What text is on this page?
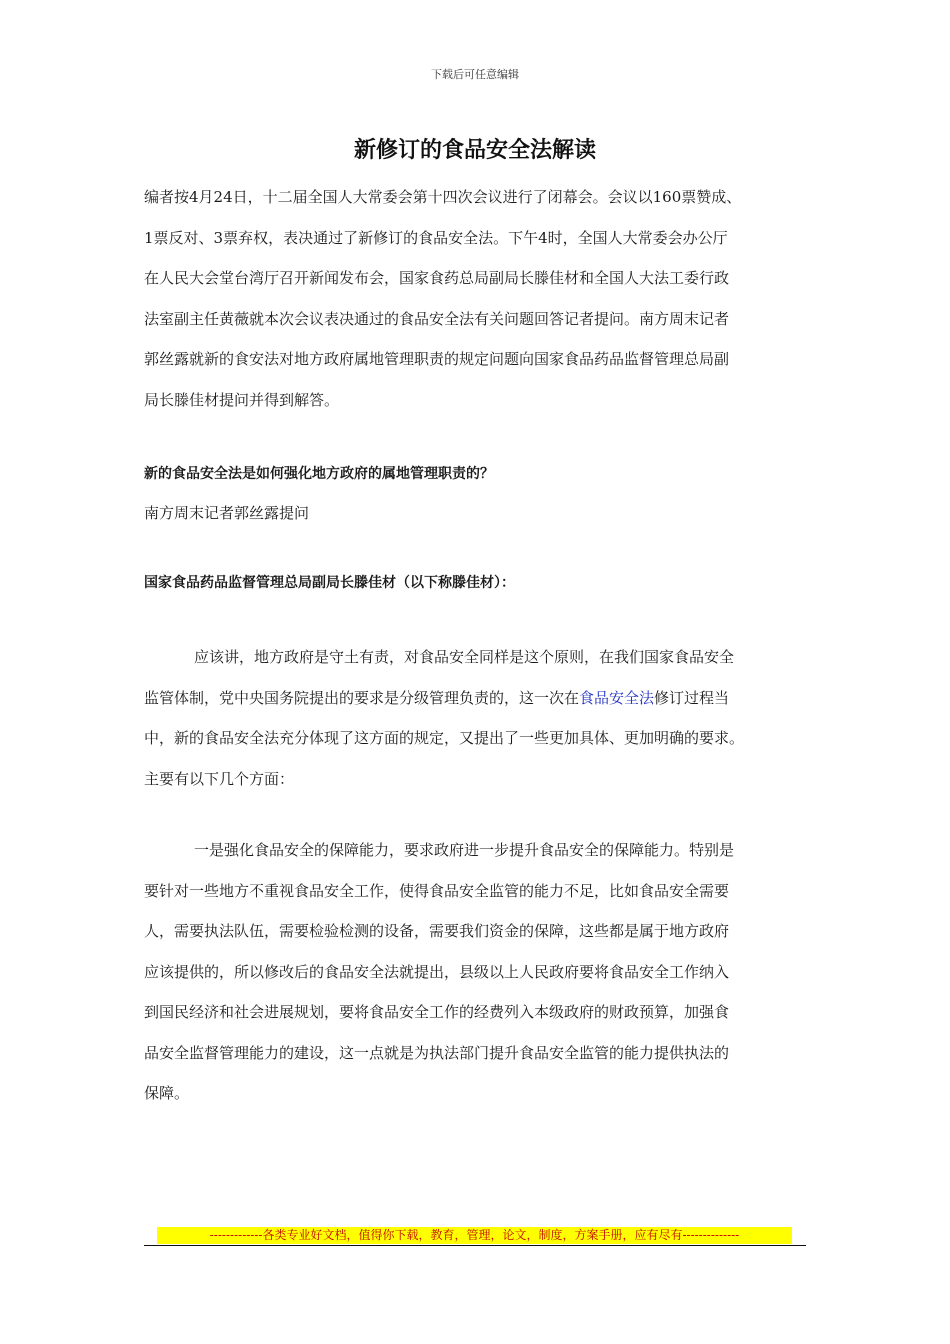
下载后可任意编辑
新修订的食品安全法解读
编者按4月24日，十二届全国人大常委会第十四次会议进行了闭幕会。会议以160票赞成、
1票反对、3票弃权，表决通过了新修订的食品安全法。下午4时，全国人大常委会办公厅
在人民大会堂台湾厅召开新闻发布会，国家食药总局副局长滕佳材和全国人大法工委行政
法室副主任黄薇就本次会议表决通过的食品安全法有关问题回答记者提问。南方周末记者
郭丝露就新的食安法对地方政府属地管理职责的规定问题向国家食品药品监督管理总局副
局长滕佳材提问并得到解答。
新的食品安全法是如何强化地方政府的属地管理职责的？
南方周末记者郭丝露提问
国家食品药品监督管理总局副局长滕佳材（以下称滕佳材）：
应该讲，地方政府是守土有责，对食品安全同样是这个原则，在我们国家食品安全
监管体制，党中央国务院提出的要求是分级管理负责的，这一次在食品安全法修订过程当
中，新的食品安全法充分体现了这方面的规定，又提出了一些更加具体、更加明确的要求。
主要有以下几个方面：
一是强化食品安全的保障能力，要求政府进一步提升食品安全的保障能力。特别是
要针对一些地方不重视食品安全工作，使得食品安全监管的能力不足，比如食品安全需要
人，需要执法队伍，需要检验检测的设备，需要我们资金的保障，这些都是属于地方政府
应该提供的，所以修改后的食品安全法就提出，县级以上人民政府要将食品安全工作纳入
到国民经济和社会进展规划，要将食品安全工作的经费列入本级政府的财政预算，加强食
品安全监督管理能力的建设，这一点就是为执法部门提升食品安全监管的能力提供执法的
保障。
-------------各类专业好文档，值得你下载，教育，管理，论文，制度，方案手册，应有尽有--------------
